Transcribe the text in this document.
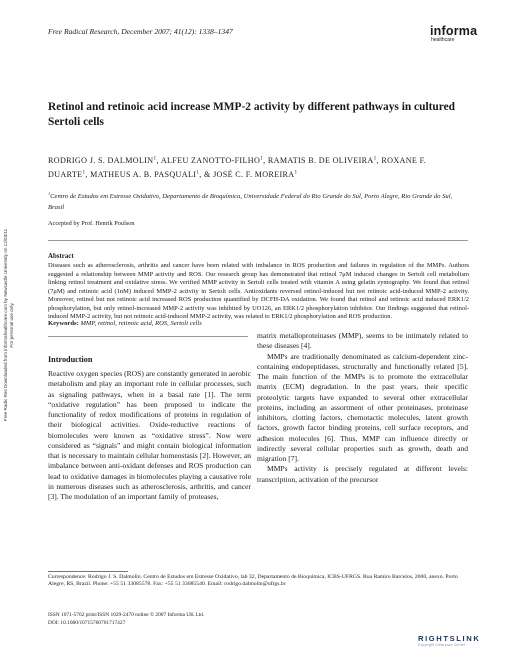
Free Radical Research, December 2007; 41(12): 1338–1347	informa
healthcare
Free Radic Res Downloaded from informahealthcare.com by Newcastle University on 12/03/11 For personal use only.
Retinol and retinoic acid increase MMP-2 activity by different pathways in cultured Sertoli cells
RODRIGO J. S. DALMOLIN$^1$, ALFEU ZANOTTO-FILHO$^1$, RAMATIS B. DE OLIVEIRA$^1$, ROXANE F. DUARTE$^1$, MATHEUS A. B. PASQUALI$^1$, & JOSÉ C. F. MOREIRA$^1$
$^1$Centro de Estudos em Estresse Oxidativo, Departamento de Bioquímica, Universidade Federal do Rio Grande do Sul, Porto Alegre, Rio Grande do Sul, Brasil
Accepted by Prof. Henrik Poulson
Abstract
Diseases such as atherosclerosis, arthritis and cancer have been related with imbalance in ROS production and failures in regulation of the MMPs. Authors suggested a relationship between MMP activity and ROS. Our research group has demonstrated that retinol 7μM induced changes in Sertoli cell metabolism linking retinol treatment and oxidative stress. We verified MMP activity in Sertoli cells treated with vitamin A using gelatin zymography. We found that retinol (7μM) and retinoic acid (1nM) induced MMP-2 activity in Sertoli cells. Antioxidants reversed retinol-induced but not retinoic acid-induced MMP-2 activity. Moreover, retinol but not retinoic acid increased ROS production quantified by DCFH-DA oxidation. We found that retinol and retinoic acid induced ERK1/2 phosphorylation, but only retinol-increased MMP-2 activity was inhibited by UO126, an ERK1/2 phosphorylation inhibitor. Our findings suggested that retinol-induced MMP-2 activity, but not retinoic acid-induced MMP-2 activity, was related to ERK1/2 phosphorylation and ROS production.
Keywords: MMP, retinol, retinoic acid, ROS, Sertoli cells
Introduction

Reactive oxygen species (ROS) are constantly generated in aerobic metabolism and play an important role in cellular processes, such as signaling pathways, when in a basal rate [1]. The term “oxidative regulation” has been proposed to indicate the functionality of redox modifications of proteins in regulation of their biological activities. Oxide-reductive reactions of biomolecules were known as “oxidative stress”. Now were considered as “signals” and might contain biological information that is necessary to maintain cellular homeostasis [2]. However, an imbalance between anti-oxidant defenses and ROS production can lead to oxidative damages in biomolecules playing a causative role in numerous diseases such as atherosclerosis, arthritis, and cancer [3]. The modulation of an important family of proteases,

matrix metalloproteinases (MMP), seems to be intimately related to these diseases [4].

MMPs are traditionally denominated as calcium-dependent zinc-containing endopeptidases, structurally and functionally related [5]. The main function of the MMPs is to promote the extracellular matrix (ECM) degradation. In the past years, their specific proteolytic targets have expanded to several other extracellular proteins, including an assortment of other proteinases, proteinase inhibitors, clotting factors, chemotactic molecules, latent growth factors, growth factor binding proteins, cell surface receptors, and adhesion molecules [6]. Thus, MMP can influence directly or indirectly several cellular properties such as growth, death and migration [7].

MMPs activity is precisely regulated at different levels: transcription, activation of the precursor

Correspondence: Rodrigo J. S. Dalmolin. Centro de Estudos em Estresse Oxidativo, lab 32, Departamento de Bioquímica, ICBS-UFRGS. Rua Ramiro Barcelos, 2600, anexo. Porto Alegre, RS, Brazil. Phone: +55 51 33085578. Fax: +55 51 33085540. Email: rodrigo.dalmolin@ufrgs.br
ISSN 1071-5762 print/ISSN 1029-2470 online © 2007 Informa UK Ltd.
DOI: 10.1080/10715760701717427
RIGHTSLINK
Copyright Clearance Center
